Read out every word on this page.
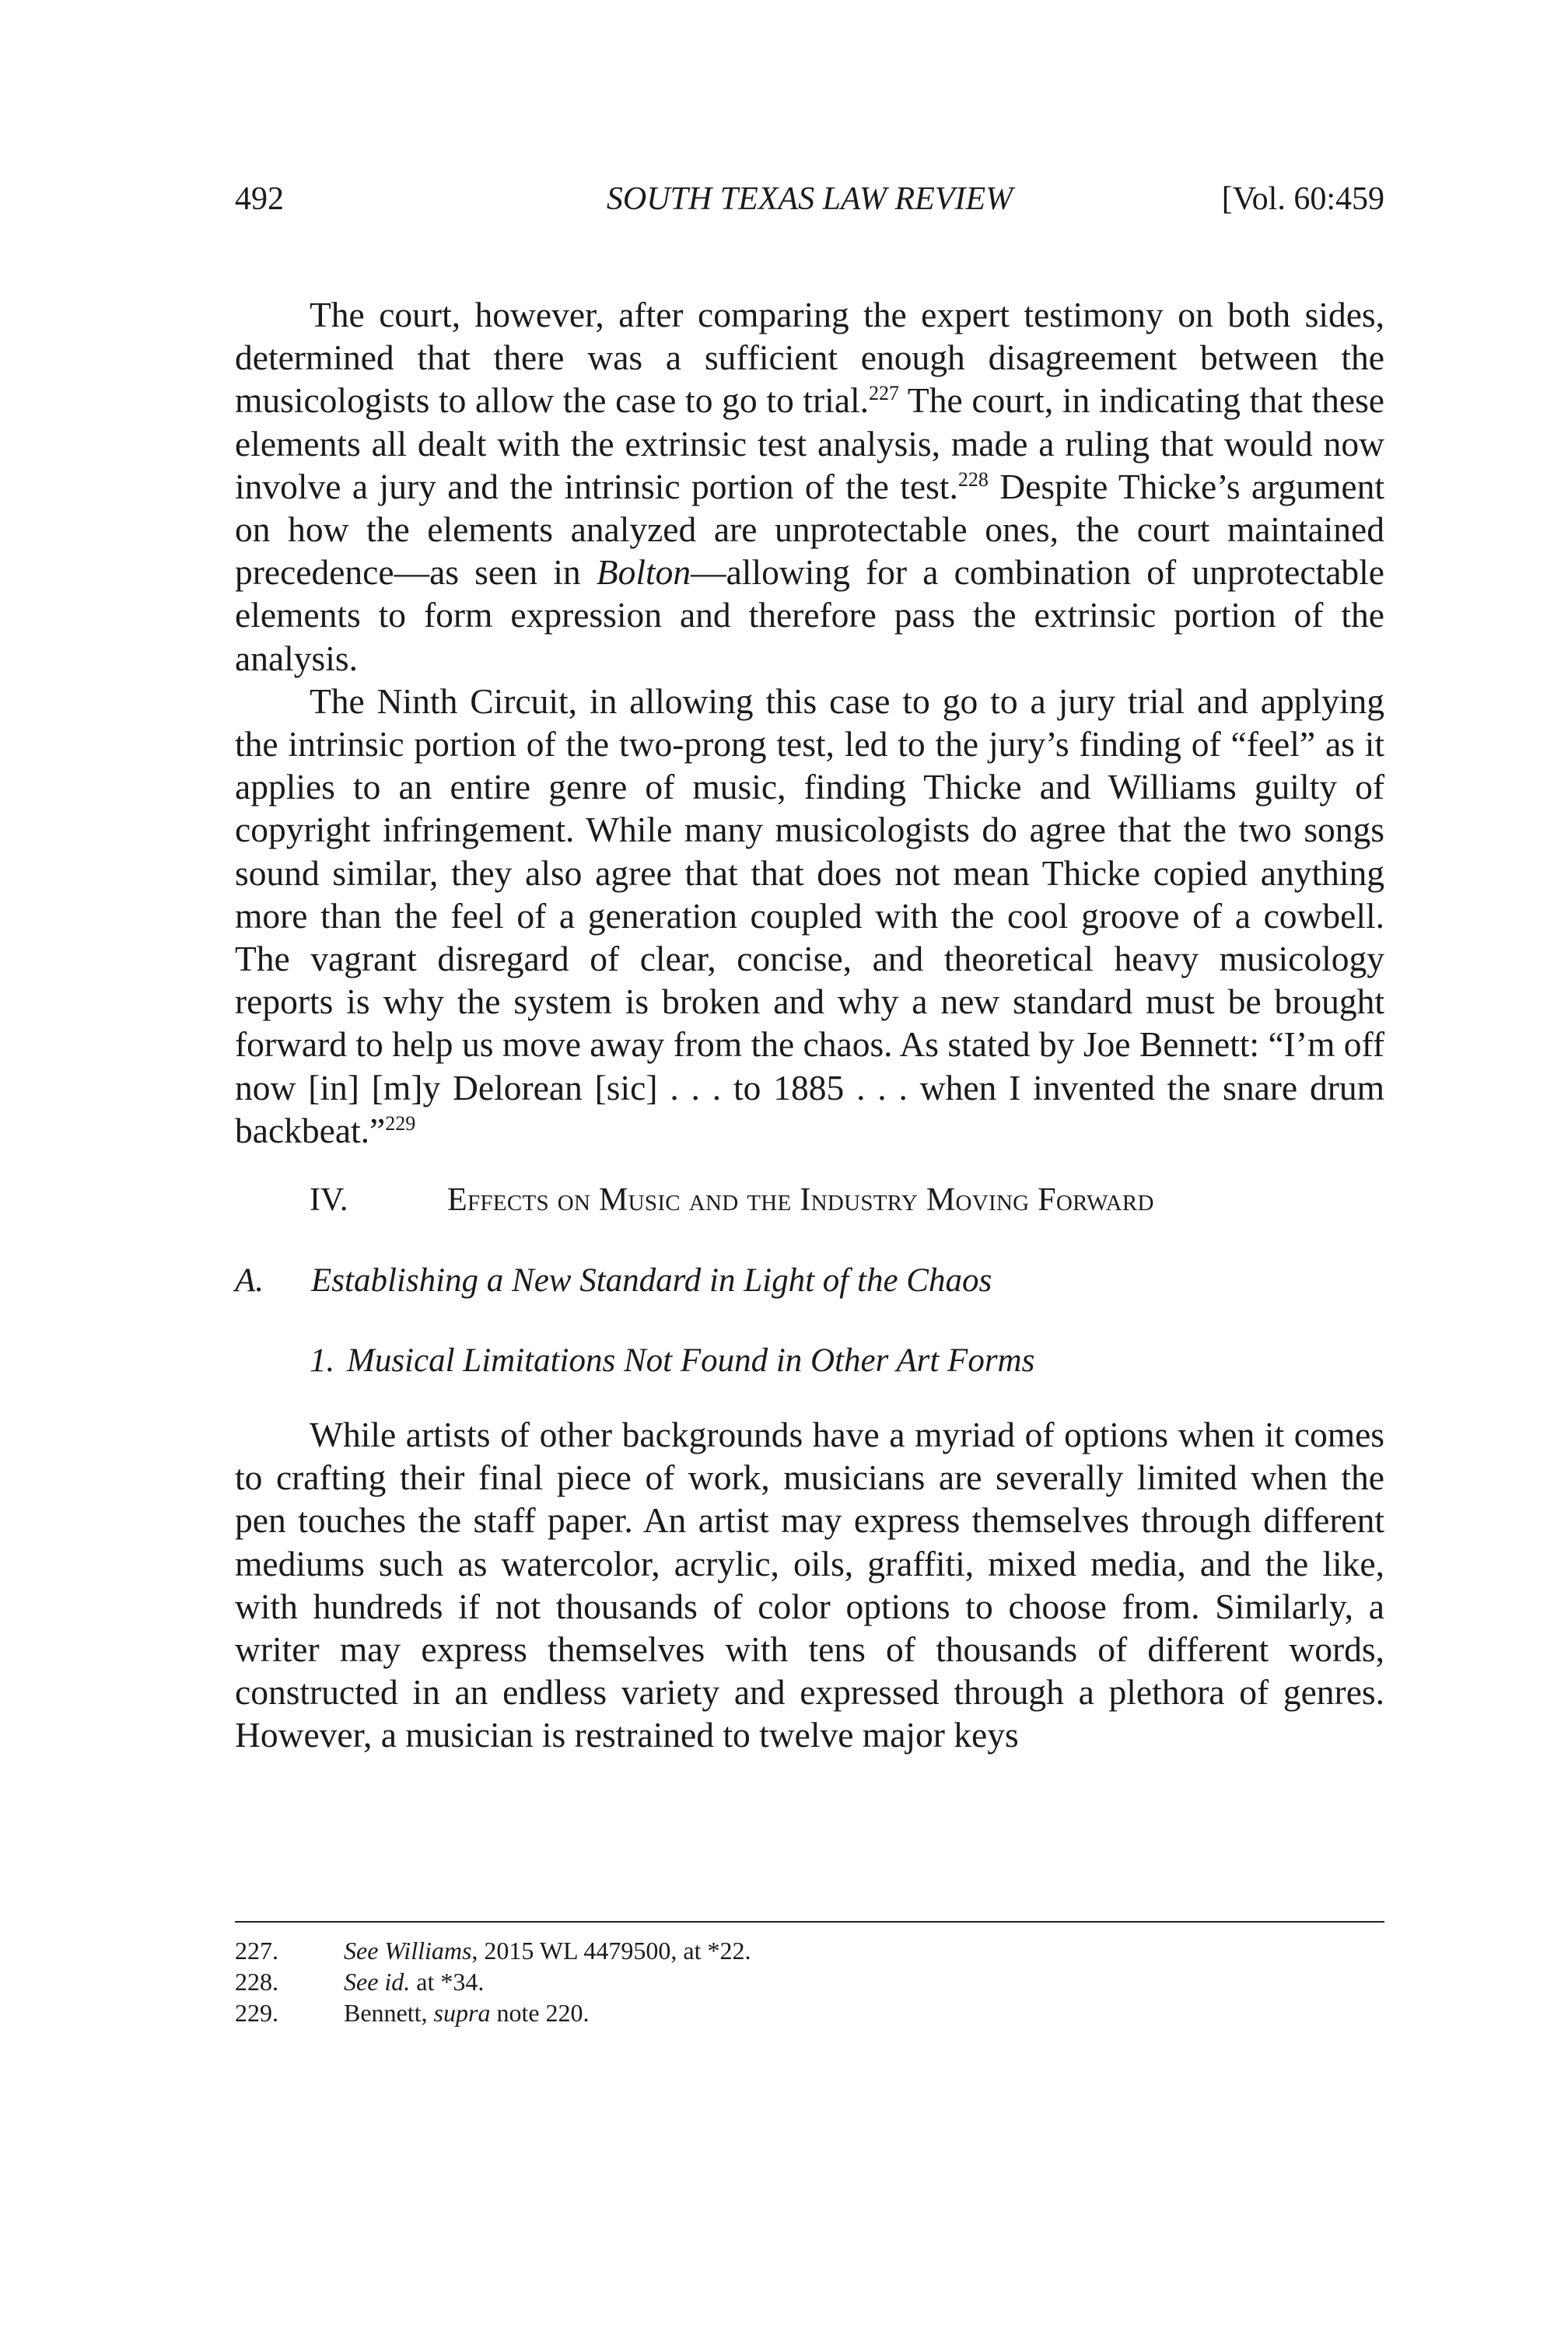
492	SOUTH TEXAS LAW REVIEW	[Vol. 60:459

The court, however, after comparing the expert testimony on both sides, determined that there was a sufficient enough disagreement between the musicologists to allow the case to go to trial.$^{227}$ The court, in indicating that these elements all dealt with the extrinsic test analysis, made a ruling that would now involve a jury and the intrinsic portion of the test.$^{228}$ Despite Thicke’s argument on how the elements analyzed are unprotectable ones, the court maintained precedence—as seen in Bolton—allowing for a combination of unprotectable elements to form expression and therefore pass the extrinsic portion of the analysis.

The Ninth Circuit, in allowing this case to go to a jury trial and applying the intrinsic portion of the two-prong test, led to the jury’s finding of “feel” as it applies to an entire genre of music, finding Thicke and Williams guilty of copyright infringement. While many musicologists do agree that the two songs sound similar, they also agree that that does not mean Thicke copied anything more than the feel of a generation coupled with the cool groove of a cowbell. The vagrant disregard of clear, concise, and theoretical heavy musicology reports is why the system is broken and why a new standard must be brought forward to help us move away from the chaos. As stated by Joe Bennett: “I’m off now [in] [m]y Delorean [sic] . . . to 1885 . . . when I invented the snare drum backbeat.”$^{229}$

IV.	Effects on Music and the Industry Moving Forward
A. Establishing a New Standard in Light of the Chaos
1. Musical Limitations Not Found in Other Art Forms

While artists of other backgrounds have a myriad of options when it comes to crafting their final piece of work, musicians are severally limited when the pen touches the staff paper. An artist may express themselves through different mediums such as watercolor, acrylic, oils, graffiti, mixed media, and the like, with hundreds if not thousands of color options to choose from. Similarly, a writer may express themselves with tens of thousands of different words, constructed in an endless variety and expressed through a plethora of genres. However, a musician is restrained to twelve major keys

227.	See Williams, 2015 WL 4479500, at *22.
228.	See id. at *34.
229.	Bennett, supra note 220.
